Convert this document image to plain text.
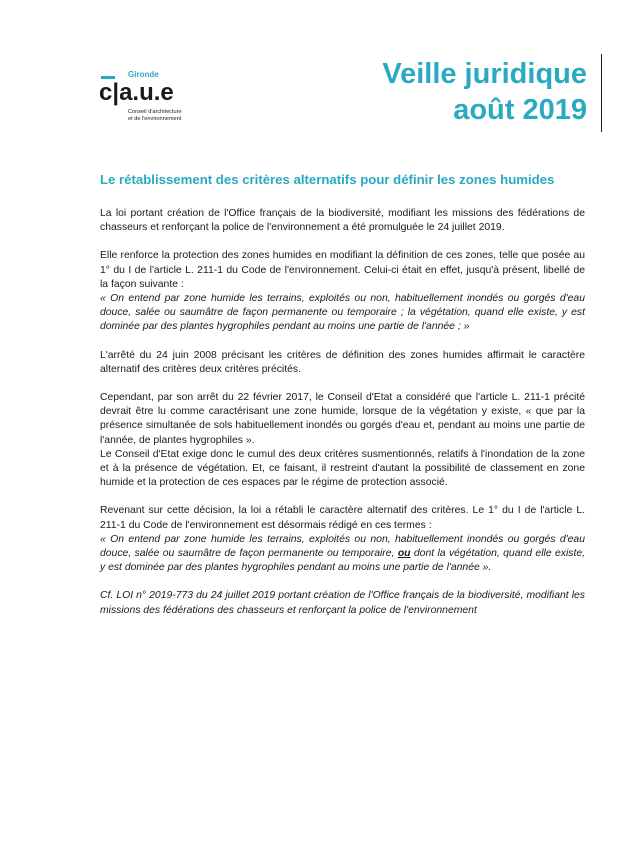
Gironde
c|a.u.e
Conseil d'architecture
et de l'environnement
Veille juridique
août 2019
Le rétablissement des critères alternatifs pour définir les zones humides

La loi portant création de l'Office français de la biodiversité, modifiant les missions des fédérations de chasseurs et renforçant la police de l'environnement a été promulguée le 24 juillet 2019.

Elle renforce la protection des zones humides en modifiant la définition de ces zones, telle que posée au 1° du I de l'article L. 211-1 du Code de l'environnement. Celui-ci était en effet, jusqu'à présent, libellé de la façon suivante :
« On entend par zone humide les terrains, exploités ou non, habituellement inondés ou gorgés d'eau douce, salée ou saumâtre de façon permanente ou temporaire ; la végétation, quand elle existe, y est dominée par des plantes hygrophiles pendant au moins une partie de l'année ; »

L'arrêté du 24 juin 2008 précisant les critères de définition des zones humides affirmait le caractère alternatif des critères deux critères précités.

Cependant, par son arrêt du 22 février 2017, le Conseil d'Etat a considéré que l'article L. 211-1 précité devrait être lu comme caractérisant une zone humide, lorsque de la végétation y existe, « que par la présence simultanée de sols habituellement inondés ou gorgés d'eau et, pendant au moins une partie de l'année, de plantes hygrophiles ».
Le Conseil d'Etat exige donc le cumul des deux critères susmentionnés, relatifs à l'inondation de la zone et à la présence de végétation. Et, ce faisant, il restreint d'autant la possibilité de classement en zone humide et la protection de ces espaces par le régime de protection associé.

Revenant sur cette décision, la loi a rétabli le caractère alternatif des critères. Le 1° du I de l'article L. 211-1 du Code de l'environnement est désormais rédigé en ces termes :
« On entend par zone humide les terrains, exploités ou non, habituellement inondés ou gorgés d'eau douce, salée ou saumâtre de façon permanente ou temporaire, ou dont la végétation, quand elle existe, y est dominée par des plantes hygrophiles pendant au moins une partie de l'année ».

Cf. LOI n° 2019-773 du 24 juillet 2019 portant création de l'Office français de la biodiversité, modifiant les missions des fédérations des chasseurs et renforçant la police de l'environnement
